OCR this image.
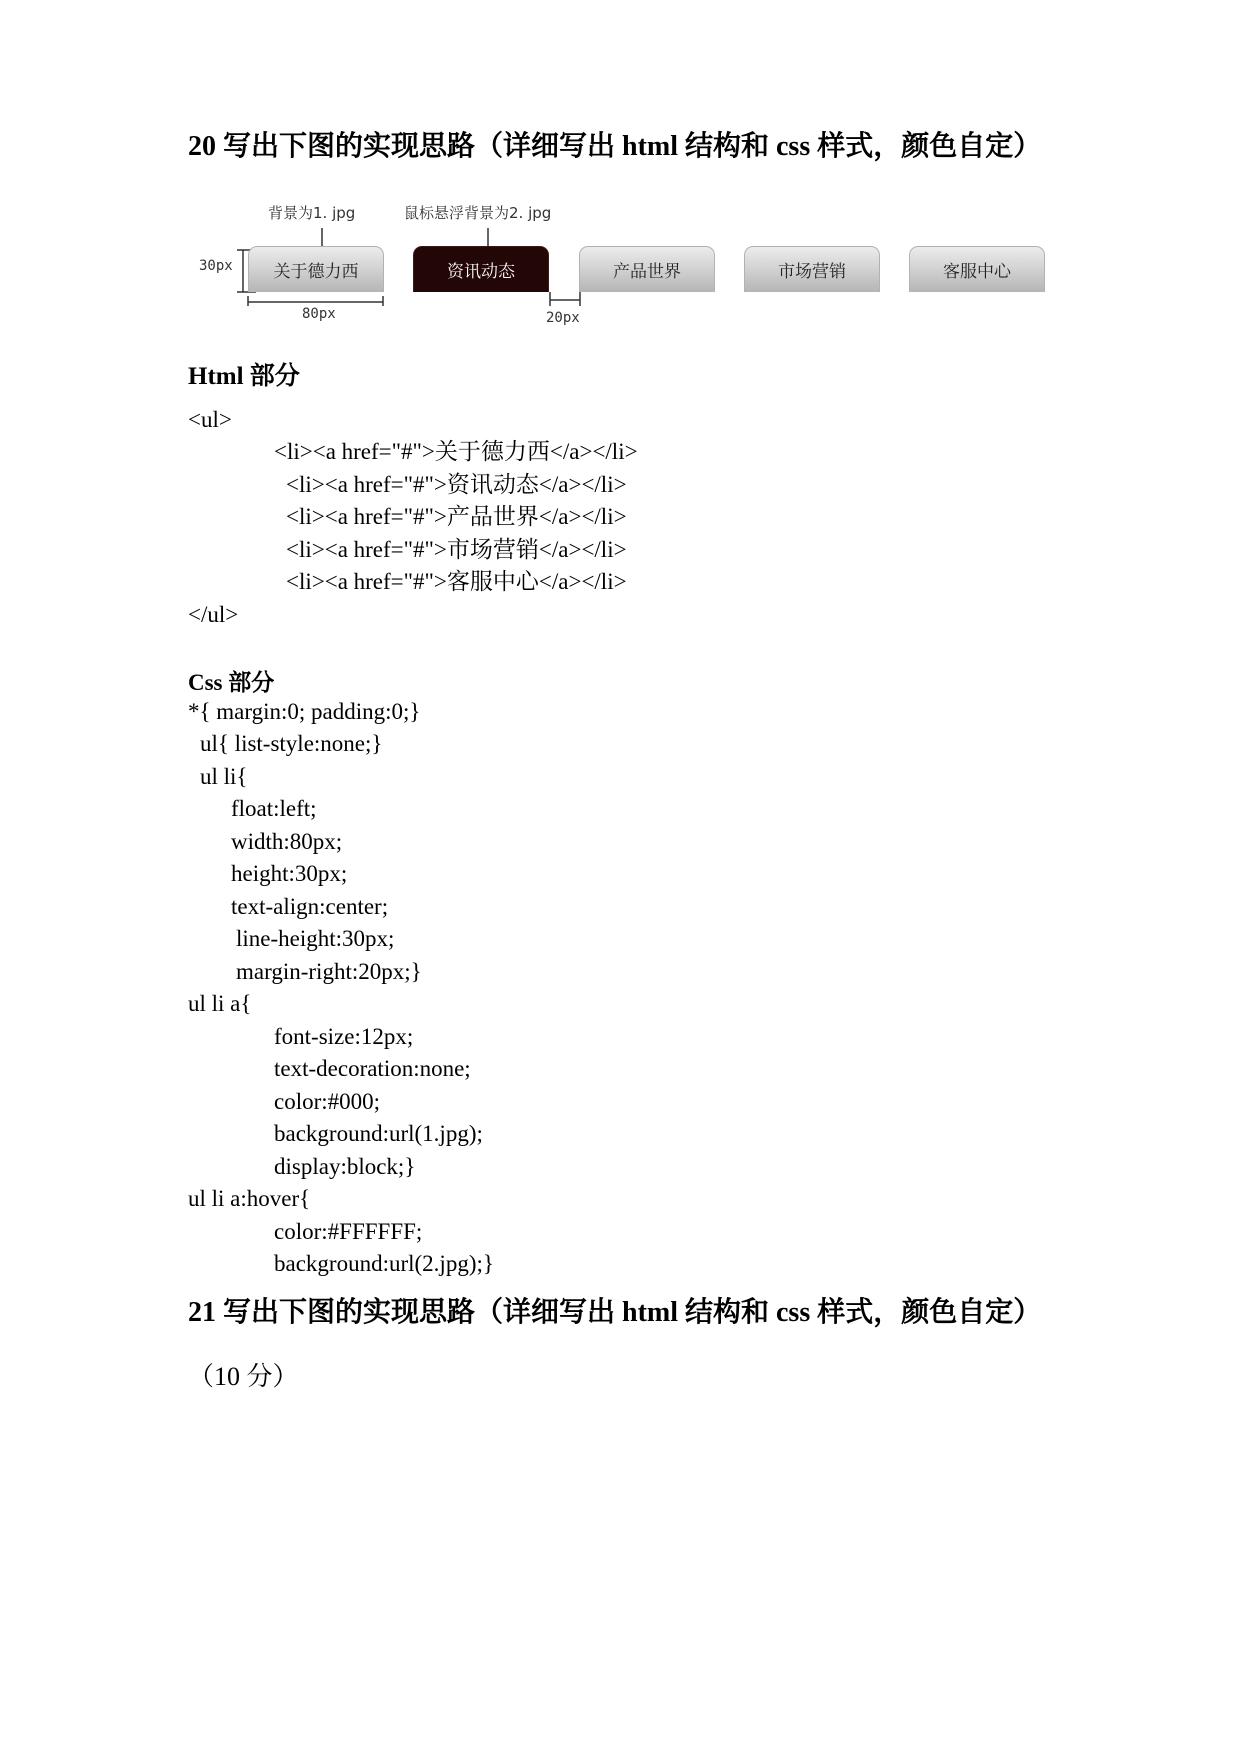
20 写出下图的实现思路（详细写出 html 结构和 css 样式，颜色自定）
背景为1. jpg	鼠标悬浮背景为2. jpg
30px
80px	20px
关于德力西	资讯动态	产品世界	市场营销	客服中心
Html 部分
<ul>
<li><a href="#">关于德力西</a></li>
<li><a href="#">资讯动态</a></li>
<li><a href="#">产品世界</a></li>
<li><a href="#">市场营销</a></li>
<li><a href="#">客服中心</a></li>
</ul>
Css 部分
*{ margin:0; padding:0;}
ul{ list-style:none;}
ul li{
float:left;
width:80px;
height:30px;
text-align:center;
line-height:30px;
margin-right:20px;}
ul li a{
font-size:12px;
text-decoration:none;
color:#000;
background:url(1.jpg);
display:block;}
ul li a:hover{
color:#FFFFFF;
background:url(2.jpg);}
21 写出下图的实现思路（详细写出 html 结构和 css 样式，颜色自定）
（10 分）
